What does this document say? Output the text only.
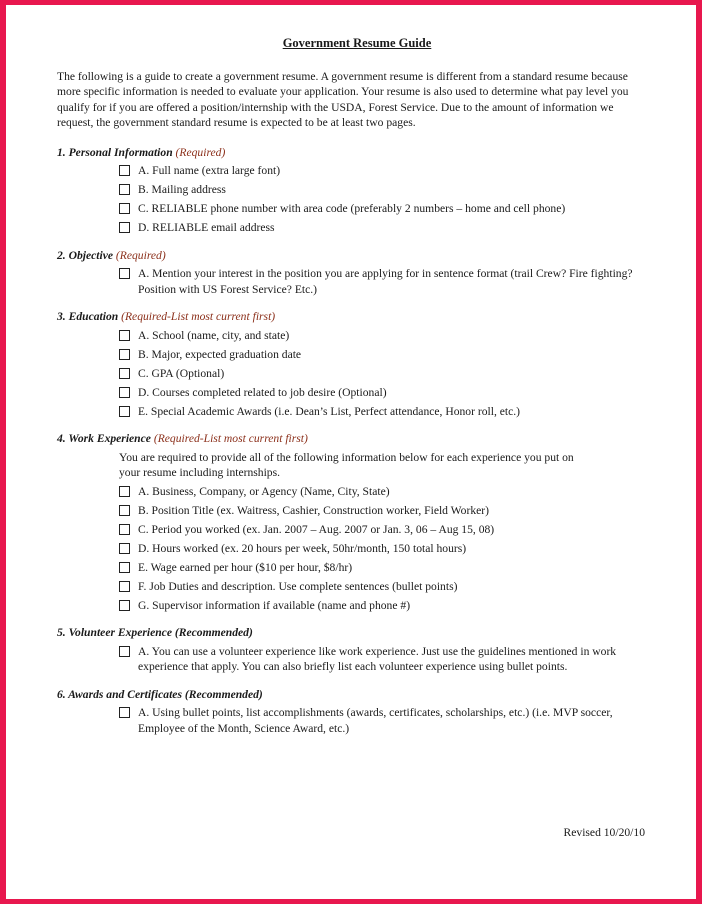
Government Resume Guide
The following is a guide to create a government resume. A government resume is different from a standard resume because more specific information is needed to evaluate your application. Your resume is also used to determine what pay level you qualify for if you are offered a position/internship with the USDA, Forest Service. Due to the amount of information we request, the government standard resume is expected to be at least two pages.
1. Personal Information (Required)
A. Full name (extra large font)
B. Mailing address
C. RELIABLE phone number with area code (preferably 2 numbers – home and cell phone)
D. RELIABLE email address
2. Objective (Required)
A. Mention your interest in the position you are applying for in sentence format (trail Crew? Fire fighting? Position with US Forest Service? Etc.)
3. Education (Required-List most current first)
A. School (name, city, and state)
B. Major, expected graduation date
C. GPA (Optional)
D. Courses completed related to job desire (Optional)
E. Special Academic Awards (i.e. Dean’s List, Perfect attendance, Honor roll, etc.)
4. Work Experience (Required-List most current first)
You are required to provide all of the following information below for each experience you put on your resume including internships.
A. Business, Company, or Agency (Name, City, State)
B. Position Title (ex. Waitress, Cashier, Construction worker, Field Worker)
C. Period you worked (ex. Jan. 2007 – Aug. 2007 or Jan. 3, 06 – Aug 15, 08)
D. Hours worked (ex. 20 hours per week, 50hr/month, 150 total hours)
E. Wage earned per hour ($10 per hour, $8/hr)
F. Job Duties and description. Use complete sentences (bullet points)
G. Supervisor information if available (name and phone #)
5. Volunteer Experience (Recommended)
A. You can use a volunteer experience like work experience. Just use the guidelines mentioned in work experience that apply. You can also briefly list each volunteer experience using bullet points.
6. Awards and Certificates (Recommended)
A. Using bullet points, list accomplishments (awards, certificates, scholarships, etc.) (i.e. MVP soccer, Employee of the Month, Science Award, etc.)
Revised 10/20/10
